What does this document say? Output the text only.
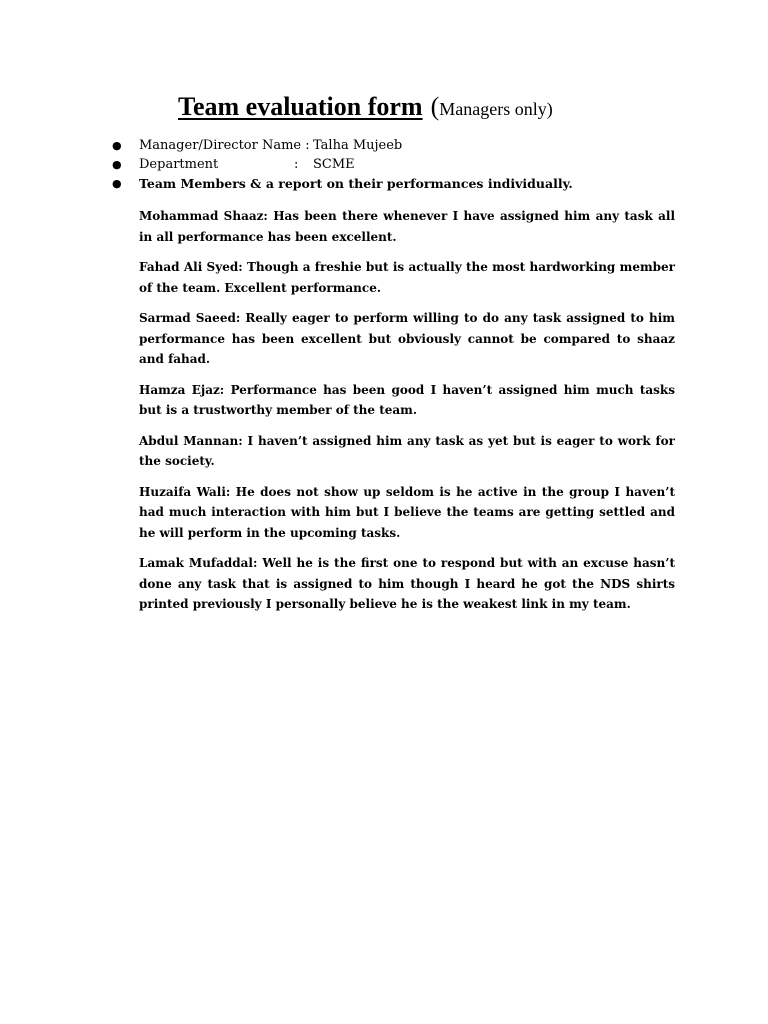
Team evaluation form (Managers only)
● Manager/Director Name : Talha Mujeeb
● Department	: SCME
● Team Members & a report on their performances individually.

Mohammad Shaaz: Has been there whenever I have assigned him any task all in all performance has been excellent.

Fahad Ali Syed: Though a freshie but is actually the most hardworking member of the team. Excellent performance.

Sarmad Saeed: Really eager to perform willing to do any task assigned to him performance has been excellent but obviously cannot be compared to shaaz and fahad.

Hamza Ejaz: Performance has been good I haven’t assigned him much tasks but is a trustworthy member of the team.

Abdul Mannan: I haven’t assigned him any task as yet but is eager to work for the society.

Huzaifa Wali: He does not show up seldom is he active in the group I haven’t had much interaction with him but I believe the teams are getting settled and he will perform in the upcoming tasks.

Lamak Mufaddal: Well he is the first one to respond but with an excuse hasn’t done any task that is assigned to him though I heard he got the NDS shirts printed previously I personally believe he is the weakest link in my team.
